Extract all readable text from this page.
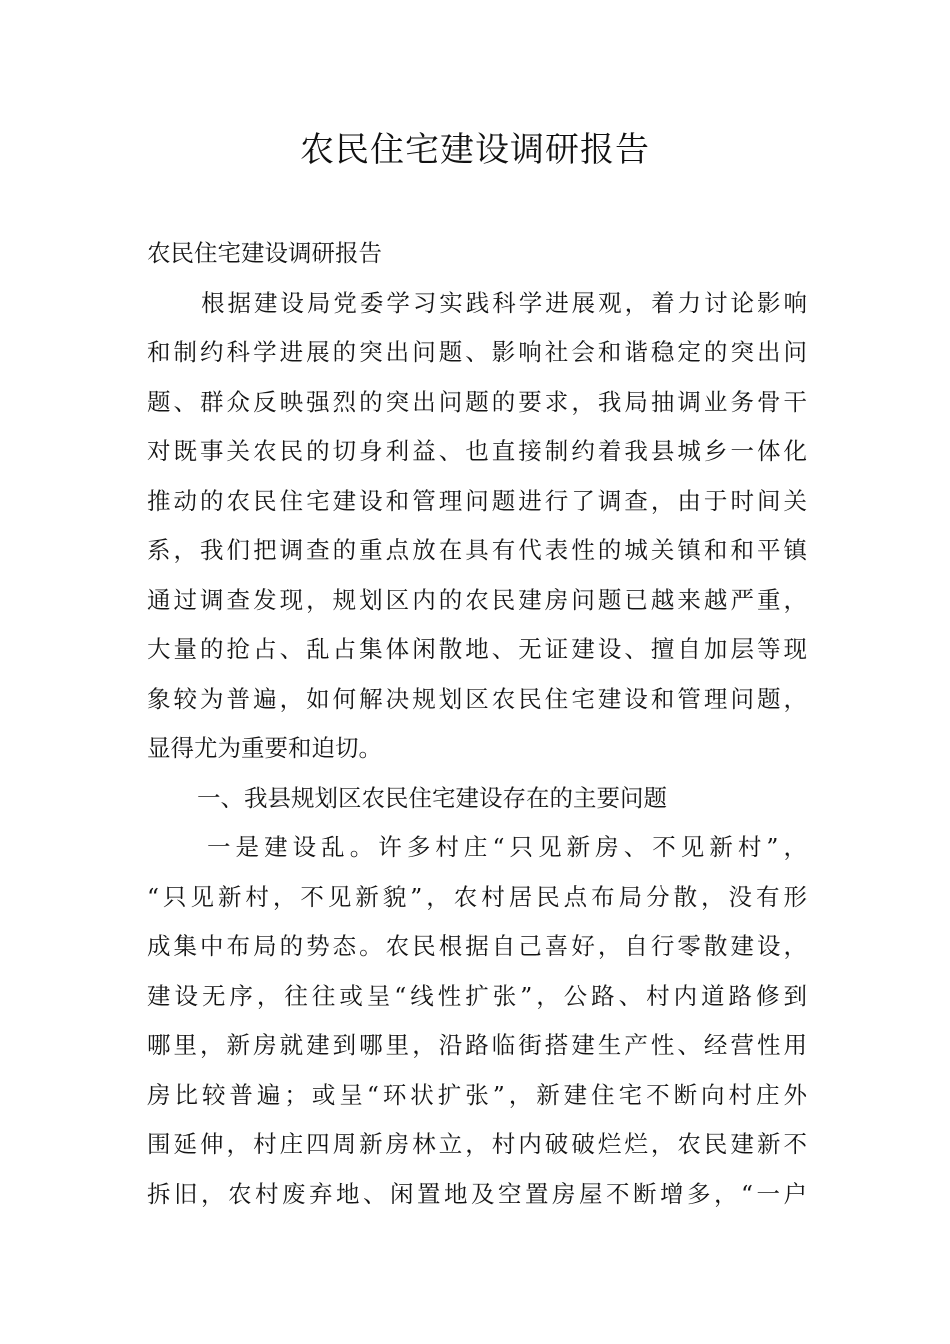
农民住宅建设调研报告
农民住宅建设调研报告
根据建设局党委学习实践科学进展观，着力讨论影响
和制约科学进展的突出问题、影响社会和谐稳定的突出问
题、群众反映强烈的突出问题的要求，我局抽调业务骨干
对既事关农民的切身利益、也直接制约着我县城乡一体化
推动的农民住宅建设和管理问题进行了调查，由于时间关
系，我们把调查的重点放在具有代表性的城关镇和和平镇
通过调查发现，规划区内的农民建房问题已越来越严重，
大量的抢占、乱占集体闲散地、无证建设、擅自加层等现
象较为普遍，如何解决规划区农民住宅建设和管理问题，
显得尤为重要和迫切。
一、我县规划区农民住宅建设存在的主要问题
一是建设乱。许多村庄“只见新房、不见新村”，
“只见新村，不见新貌”，农村居民点布局分散，没有形
成集中布局的势态。农民根据自己喜好，自行零散建设，
建设无序，往往或呈“线性扩张”，公路、村内道路修到
哪里，新房就建到哪里，沿路临街搭建生产性、经营性用
房比较普遍；或呈“环状扩张”，新建住宅不断向村庄外
围延伸，村庄四周新房林立，村内破破烂烂，农民建新不
拆旧，农村废弃地、闲置地及空置房屋不断增多，“一户
